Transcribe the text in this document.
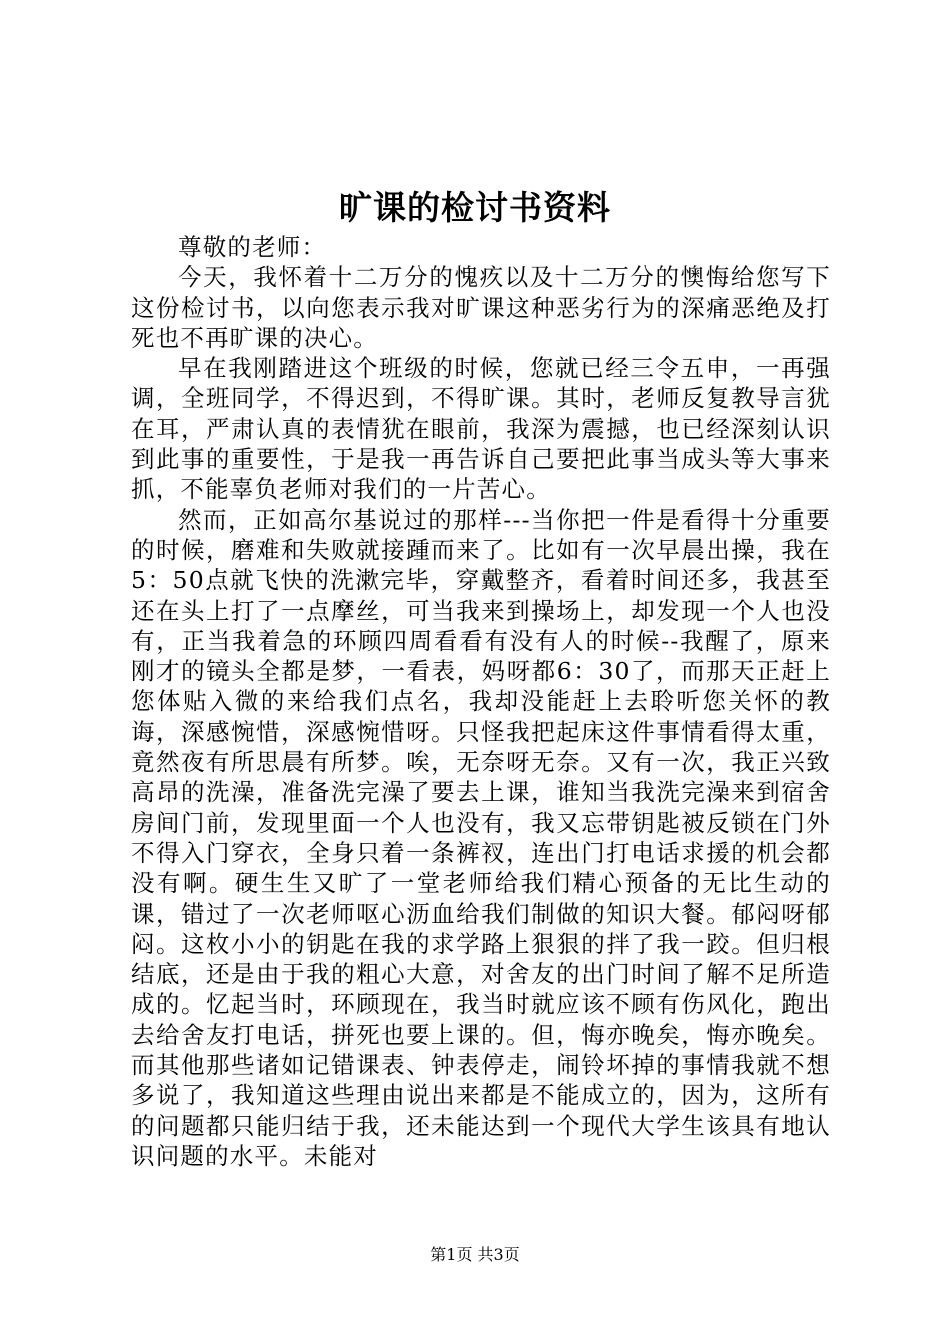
旷课的检讨书资料

尊敬的老师：

今天，我怀着十二万分的愧疚以及十二万分的懊悔给您写下这份检讨书，以向您表示我对旷课这种恶劣行为的深痛恶绝及打死也不再旷课的决心。

早在我刚踏进这个班级的时候，您就已经三令五申，一再强调，全班同学，不得迟到，不得旷课。其时，老师反复教导言犹在耳，严肃认真的表情犹在眼前，我深为震撼，也已经深刻认识到此事的重要性，于是我一再告诉自己要把此事当成头等大事来抓，不能辜负老师对我们的一片苦心。

然而，正如高尔基说过的那样---当你把一件是看得十分重要的时候，磨难和失败就接踵而来了。比如有一次早晨出操，我在5：50点就飞快的洗漱完毕，穿戴整齐，看着时间还多，我甚至还在头上打了一点摩丝，可当我来到操场上，却发现一个人也没有，正当我着急的环顾四周看看有没有人的时候--我醒了，原来刚才的镜头全都是梦，一看表，妈呀都6：30了，而那天正赶上您体贴入微的来给我们点名，我却没能赶上去聆听您关怀的教诲，深感惋惜，深感惋惜呀。只怪我把起床这件事情看得太重，竟然夜有所思晨有所梦。唉，无奈呀无奈。又有一次，我正兴致高昂的洗澡，准备洗完澡了要去上课，谁知当我洗完澡来到宿舍房间门前，发现里面一个人也没有，我又忘带钥匙被反锁在门外不得入门穿衣，全身只着一条裤衩，连出门打电话求援的机会都没有啊。硬生生又旷了一堂老师给我们精心预备的无比生动的课，错过了一次老师呕心沥血给我们制做的知识大餐。郁闷呀郁闷。这枚小小的钥匙在我的求学路上狠狠的拌了我一跤。但归根结底，还是由于我的粗心大意，对舍友的出门时间了解不足所造成的。忆起当时，环顾现在，我当时就应该不顾有伤风化，跑出去给舍友打电话，拼死也要上课的。但，悔亦晚矣，悔亦晚矣。而其他那些诸如记错课表、钟表停走，闹铃坏掉的事情我就不想多说了，我知道这些理由说出来都是不能成立的，因为，这所有的问题都只能归结于我，还未能达到一个现代大学生该具有地认识问题的水平。未能对

第1页 共3页
